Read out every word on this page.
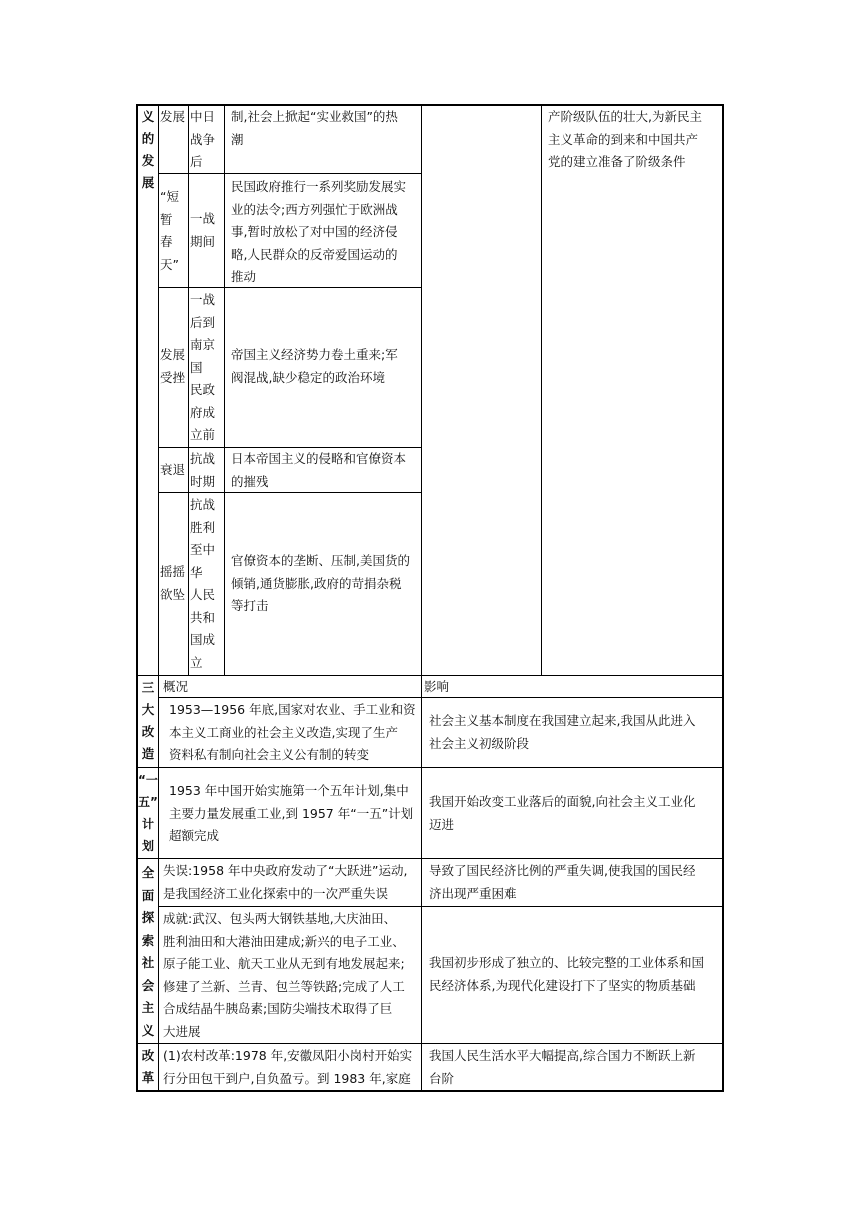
义
的
发
展
三
大
改
造
“一
五”
计
划
全
面
探
索
社
会
主
义
改
革
发展 中日
战争
后
制,社会上掀起“实业救国”的热
潮
“短
暂
春
天”
一战
期间
民国政府推行一系列奖励发展实
业的法令;西方列强忙于欧洲战
事,暂时放松了对中国的经济侵
略,人民群众的反帝爱国运动的
推动
发展
受挫
一战
后到
南京
国
民政
府成
立前
帝国主义经济势力卷土重来;军
阀混战,缺少稳定的政治环境
衰退
抗战
时期
日本帝国主义的侵略和官僚资本
的摧残
摇摇
欲坠
抗战
胜利
至中
华
人民
共和
国成
立
官僚资本的垄断、压制,美国货的
倾销,通货膨胀,政府的苛捐杂税
等打击
产阶级队伍的壮大,为新民主
主义革命的到来和中国共产
党的建立准备了阶级条件
概况	影响
1953—1956 年底,国家对农业、手工业和资
本主义工商业的社会主义改造,实现了生产
资料私有制向社会主义公有制的转变
社会主义基本制度在我国建立起来,我国从此进入
社会主义初级阶段
1953 年中国开始实施第一个五年计划,集中
主要力量发展重工业,到 1957 年“一五”计划
超额完成
我国开始改变工业落后的面貌,向社会主义工业化
迈进
失误:1958 年中央政府发动了“大跃进”运动,
是我国经济工业化探索中的一次严重失误
导致了国民经济比例的严重失调,使我国的国民经
济出现严重困难
成就:武汉、包头两大钢铁基地,大庆油田、
胜利油田和大港油田建成;新兴的电子工业、
原子能工业、航天工业从无到有地发展起来;
修建了兰新、兰青、包兰等铁路;完成了人工
合成结晶牛胰岛素;国防尖端技术取得了巨
大进展
我国初步形成了独立的、比较完整的工业体系和国
民经济体系,为现代化建设打下了坚实的物质基础
(1)农村改革:1978 年,安徽凤阳小岗村开始实
行分田包干到户,自负盈亏。到 1983 年,家庭
我国人民生活水平大幅提高,综合国力不断跃上新
台阶
